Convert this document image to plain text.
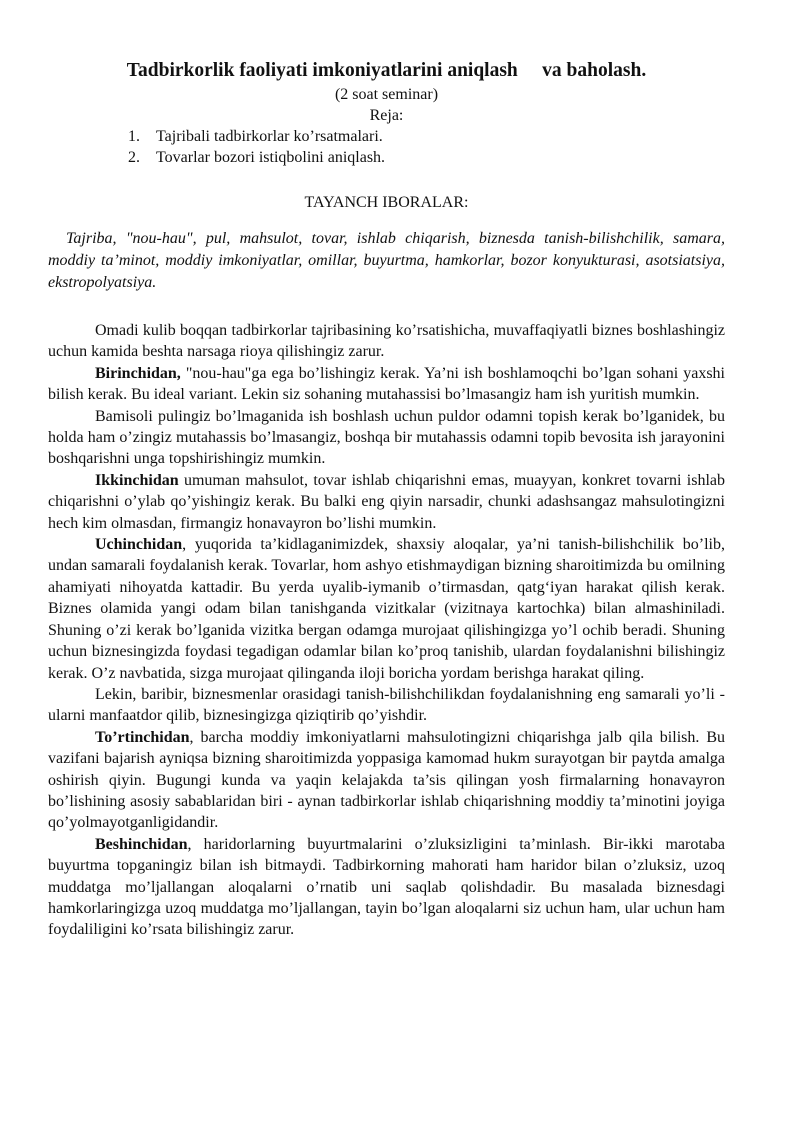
Tadbirkorlik faoliyati imkoniyatlarini aniqlash     va baholash.

(2 soat seminar)

Reja:

1.	Tajribali tadbirkorlar ko’rsatmalari.
2.	Tovarlar bozori istiqbolini aniqlash.

TAYANCH IBORALAR:

Tajriba, "nou-hau", pul, mahsulot, tovar, ishlab chiqarish, biznesda tanish-bilishchilik, samara, moddiy ta’minot, moddiy imkoniyatlar, omillar, buyurtma, hamkorlar, bozor konyukturasi, asotsiatsiya, ekstropolyatsiya.

Omadi kulib boqqan tadbirkorlar tajribasining ko’rsatishicha, muvaffaqiyatli biznes boshlashingiz uchun kamida beshta narsaga rioya qilishingiz zarur.

Birinchidan, "nou-hau"ga ega bo’lishingiz kerak. Ya’ni ish boshlamoqchi bo’lgan sohani yaxshi bilish kerak. Bu ideal variant. Lekin siz sohaning mutahassisi bo’lmasangiz ham ish yuritish mumkin.

Bamisoli pulingiz bo’lmaganida ish boshlash uchun puldor odamni topish kerak bo’lganidek, bu holda ham o’zingiz mutahassis bo’lmasangiz, boshqa bir mutahassis odamni topib bevosita ish jarayonini boshqarishni unga topshirishingiz mumkin.

Ikkinchidan umuman mahsulot, tovar ishlab chiqarishni emas, muayyan, konkret tovarni ishlab chiqarishni o’ylab qo’yishingiz kerak. Bu balki eng qiyin narsadir, chunki adashsangaz mahsulotingizni hech kim olmasdan, firmangiz honavayron bo’lishi mumkin.

Uchinchidan, yuqorida ta’kidlaganimizdek, shaxsiy aloqalar, ya’ni tanish-bilishchilik bo’lib, undan samarali foydalanish kerak. Tovarlar, hom ashyo etishmaydigan bizning sharoitimizda bu omilning ahamiyati nihoyatda kattadir. Bu yerda uyalib-iymanib o’tirmasdan, qatg‘iyan harakat qilish kerak. Biznes olamida yangi odam bilan tanishganda vizitkalar (vizitnaya kartochka) bilan almashiniladi. Shuning o’zi kerak bo’lganida vizitka bergan odamga murojaat qilishingizga yo’l ochib beradi. Shuning uchun biznesingizda foydasi tegadigan odamlar bilan ko’proq tanishib, ulardan foydalanishni bilishingiz kerak. O’z navbatida, sizga murojaat qilinganda iloji boricha yordam berishga harakat qiling.

Lekin, baribir, biznesmenlar orasidagi tanish-bilishchilikdan foydalanishning eng samarali yo’li - ularni manfaatdor qilib, biznesingizga qiziqtirib qo’yishdir.

To’rtinchidan, barcha moddiy imkoniyatlarni mahsulotingizni chiqarishga jalb qila bilish. Bu vazifani bajarish ayniqsa bizning sharoitimizda yoppasiga kamomad hukm surayotgan bir paytda amalga oshirish qiyin. Bugungi kunda va yaqin kelajakda ta’sis qilingan yosh firmalarning honavayron bo’lishining asosiy sabablaridan biri - aynan tadbirkorlar ishlab chiqarishning moddiy ta’minotini joyiga qo’yolmayotganligidandir.

Beshinchidan, haridorlarning buyurtmalarini o’zluksizligini ta’minlash. Bir-ikki marotaba buyurtma topganingiz bilan ish bitmaydi. Tadbirkorning mahorati ham haridor bilan o’zluksiz, uzoq muddatga mo’ljallangan aloqalarni o’rnatib uni saqlab qolishdadir. Bu masalada biznesdagi hamkorlaringizga uzoq muddatga mo’ljallangan, tayin bo’lgan aloqalarni siz uchun ham, ular uchun ham foydaliligini ko’rsata bilishingiz zarur.
